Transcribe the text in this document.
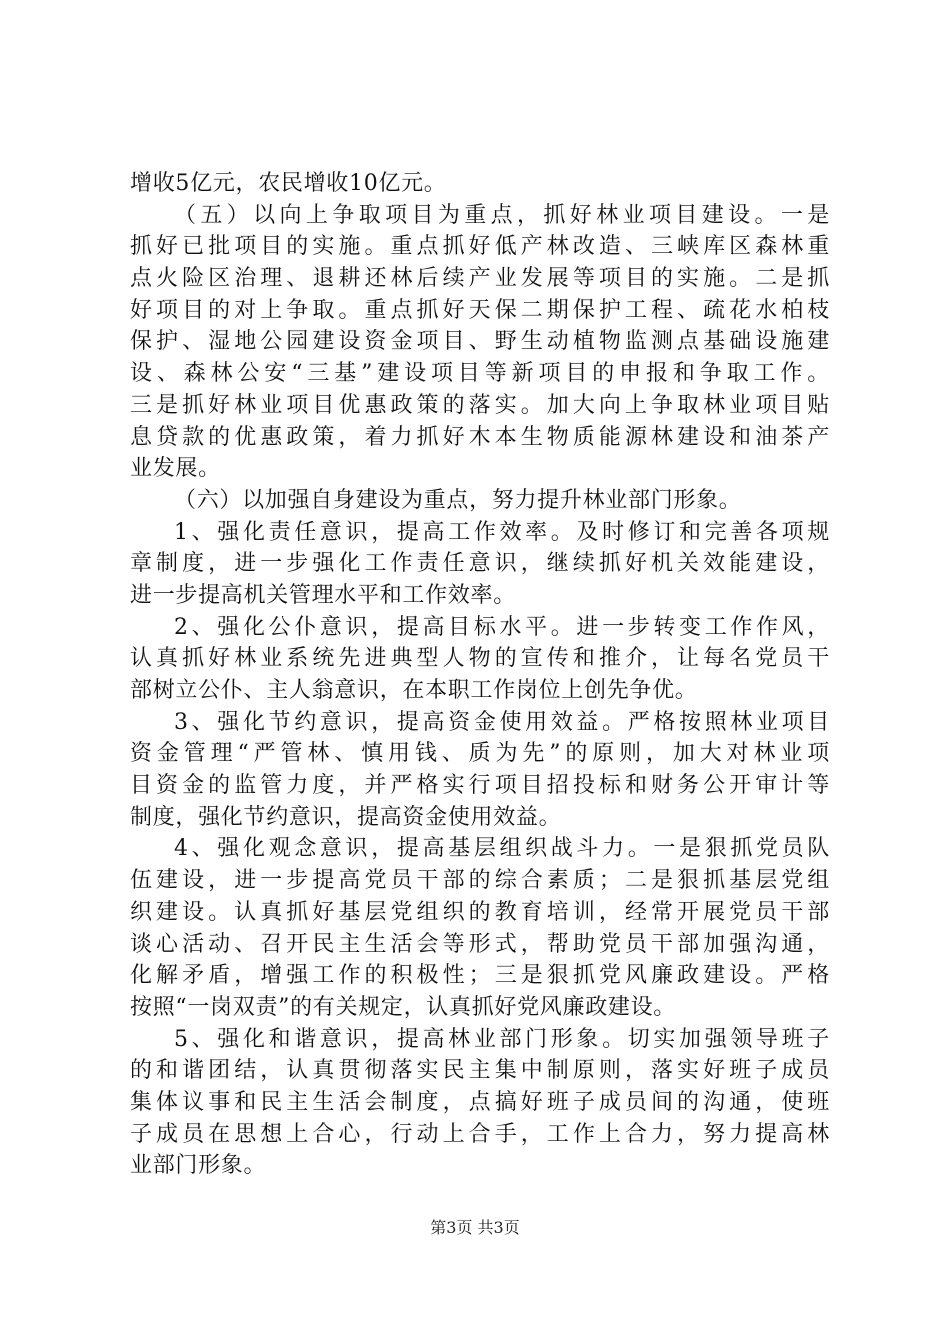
增收5亿元，农民增收10亿元。
（五）以向上争取项目为重点，抓好林业项目建设。一是
抓好已批项目的实施。重点抓好低产林改造、三峡库区森林重
点火险区治理、退耕还林后续产业发展等项目的实施。二是抓
好项目的对上争取。重点抓好天保二期保护工程、疏花水柏枝
保护、湿地公园建设资金项目、野生动植物监测点基础设施建
设、森林公安“三基”建设项目等新项目的申报和争取工作。
三是抓好林业项目优惠政策的落实。加大向上争取林业项目贴
息贷款的优惠政策，着力抓好木本生物质能源林建设和油茶产
业发展。
（六）以加强自身建设为重点，努力提升林业部门形象。
1、强化责任意识，提高工作效率。及时修订和完善各项规
章制度，进一步强化工作责任意识，继续抓好机关效能建设，
进一步提高机关管理水平和工作效率。
2、强化公仆意识，提高目标水平。进一步转变工作作风，
认真抓好林业系统先进典型人物的宣传和推介，让每名党员干
部树立公仆、主人翁意识，在本职工作岗位上创先争优。
3、强化节约意识，提高资金使用效益。严格按照林业项目
资金管理“严管林、慎用钱、质为先”的原则，加大对林业项
目资金的监管力度，并严格实行项目招投标和财务公开审计等
制度，强化节约意识，提高资金使用效益。
4、强化观念意识，提高基层组织战斗力。一是狠抓党员队
伍建设，进一步提高党员干部的综合素质；二是狠抓基层党组
织建设。认真抓好基层党组织的教育培训，经常开展党员干部
谈心活动、召开民主生活会等形式，帮助党员干部加强沟通，
化解矛盾，增强工作的积极性；三是狠抓党风廉政建设。严格
按照“一岗双责”的有关规定，认真抓好党风廉政建设。
5、强化和谐意识，提高林业部门形象。切实加强领导班子
的和谐团结，认真贯彻落实民主集中制原则，落实好班子成员
集体议事和民主生活会制度，点搞好班子成员间的沟通，使班
子成员在思想上合心，行动上合手，工作上合力，努力提高林
业部门形象。
第3页 共3页
